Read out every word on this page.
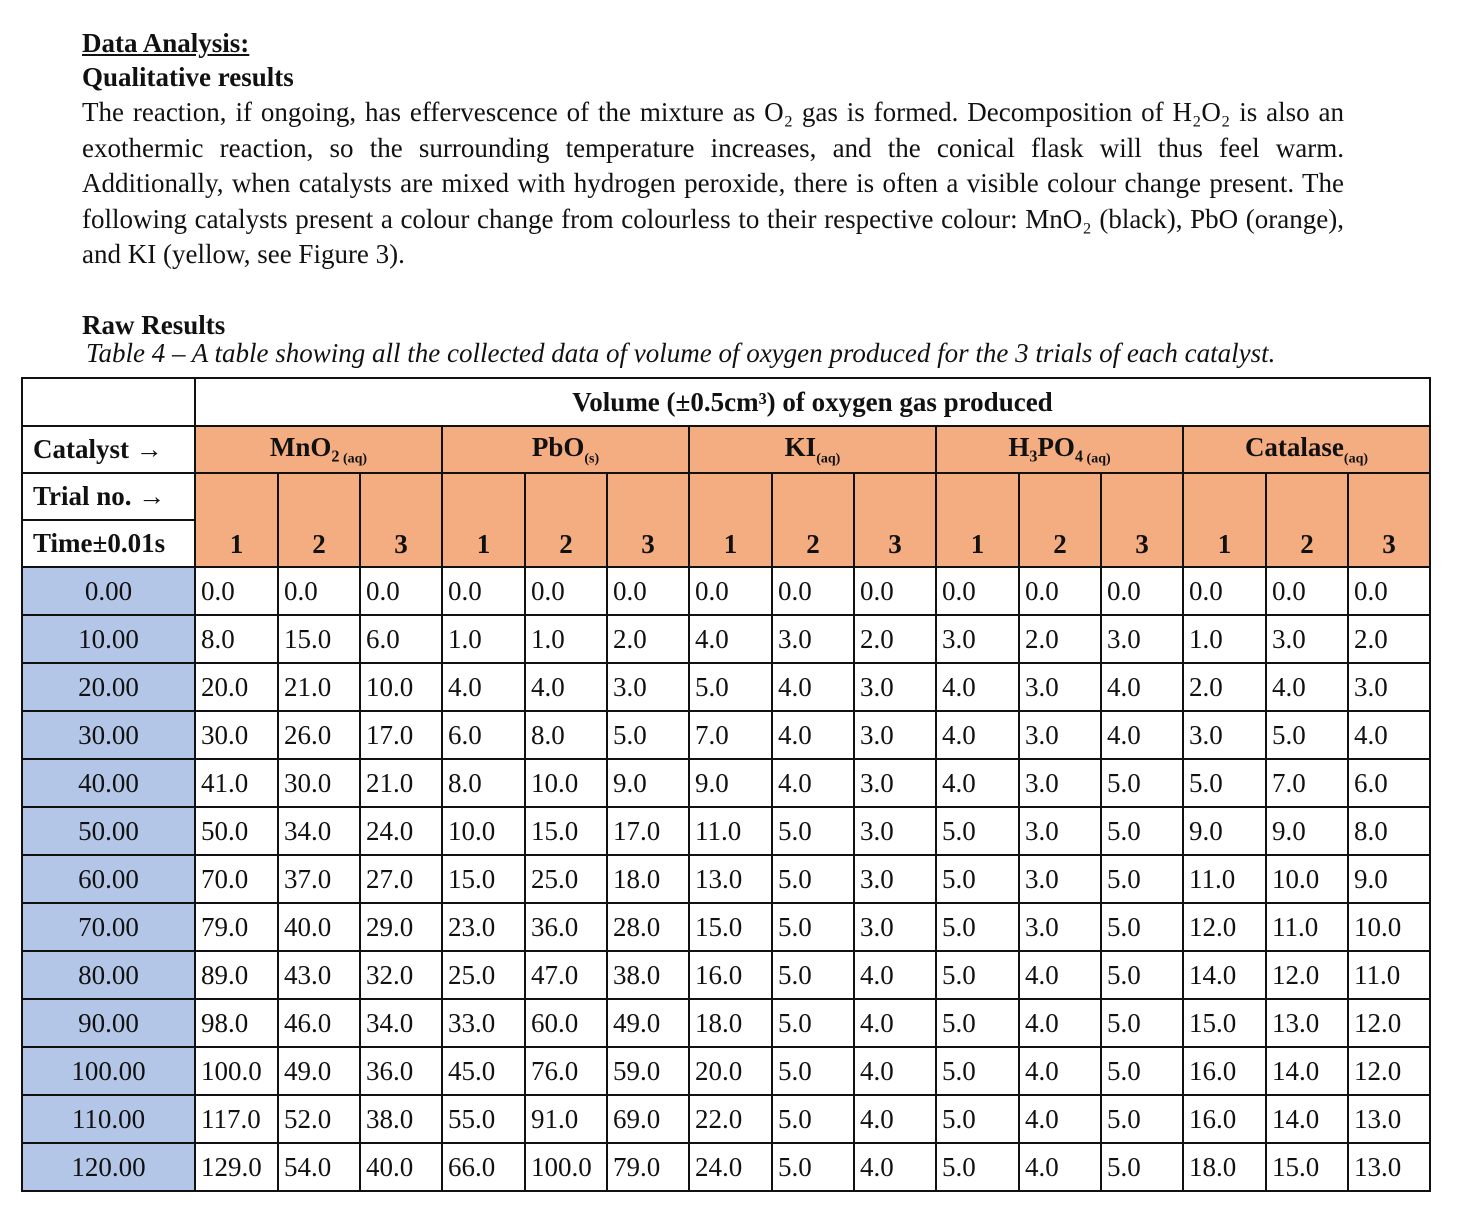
Data Analysis:
Qualitative results
The reaction, if ongoing, has effervescence of the mixture as O₂ gas is formed. Decomposition of H₂O₂ is also an exothermic reaction, so the surrounding temperature increases, and the conical flask will thus feel warm. Additionally, when catalysts are mixed with hydrogen peroxide, there is often a visible colour change present. The following catalysts present a colour change from colourless to their respective colour: MnO₂ (black), PbO (orange), and KI (yellow, see Figure 3).
Raw Results
Table 4 – A table showing all the collected data of volume of oxygen produced for the 3 trials of each catalyst.
	Volume (±0.5cm³) of oxygen gas produced														
Catalyst →	MnO₂ $_{(aq)}$			PbO$_{(s)}$			$KI_{(aq)}$			H₃PO₄ $_{(aq)}$			Catalase$_{(aq)}$
Trial no. →	1	2	3	1	2	3	1	2	3	1	2	3	1	2	3
Time±0.01s															
0.00	0.0	0.0	0.0	0.0	0.0	0.0	0.0	0.0	0.0	0.0	0.0	0.0	0.0	0.0	0.0
10.00	8.0	15.0	6.0	1.0	1.0	2.0	4.0	3.0	2.0	3.0	2.0	3.0	1.0	3.0	2.0
20.00	20.0	21.0	10.0	4.0	4.0	3.0	5.0	4.0	3.0	4.0	3.0	4.0	2.0	4.0	3.0
30.00	30.0	26.0	17.0	6.0	8.0	5.0	7.0	4.0	3.0	4.0	3.0	4.0	3.0	5.0	4.0
40.00	41.0	30.0	21.0	8.0	10.0	9.0	9.0	4.0	3.0	4.0	3.0	5.0	5.0	7.0	6.0
50.00	50.0	34.0	24.0	10.0	15.0	17.0	11.0	5.0	3.0	5.0	3.0	5.0	9.0	9.0	8.0
60.00	70.0	37.0	27.0	15.0	25.0	18.0	13.0	5.0	3.0	5.0	3.0	5.0	11.0	10.0	9.0
70.00	79.0	40.0	29.0	23.0	36.0	28.0	15.0	5.0	3.0	5.0	3.0	5.0	12.0	11.0	10.0
80.00	89.0	43.0	32.0	25.0	47.0	38.0	16.0	5.0	4.0	5.0	4.0	5.0	14.0	12.0	11.0
90.00	98.0	46.0	34.0	33.0	60.0	49.0	18.0	5.0	4.0	5.0	4.0	5.0	15.0	13.0	12.0
100.00	100.0	49.0	36.0	45.0	76.0	59.0	20.0	5.0	4.0	5.0	4.0	5.0	16.0	14.0	12.0
110.00	117.0	52.0	38.0	55.0	91.0	69.0	22.0	5.0	4.0	5.0	4.0	5.0	16.0	14.0	13.0
120.00	129.0	54.0	40.0	66.0	100.0	79.0	24.0	5.0	4.0	5.0	4.0	5.0	18.0	15.0	13.0
